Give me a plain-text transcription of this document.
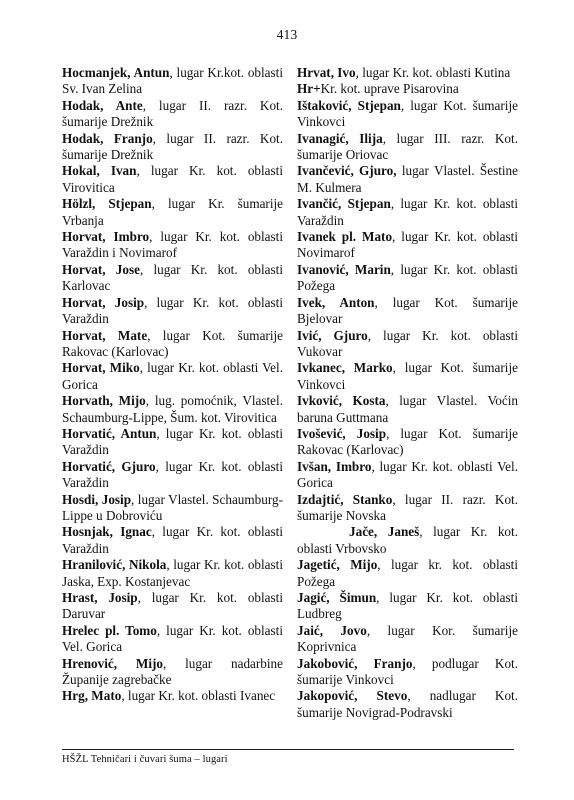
413
Hocmanjek, Antun, lugar Kr.kot. oblasti Sv. Ivan Zelina
Hodak, Ante, lugar II. razr. Kot. šumarije Drežnik
Hodak, Franjo, lugar II. razr. Kot. šumarije Drežnik
Hokal, Ivan, lugar Kr. kot. oblasti Virovitica
Hölzl, Stjepan, lugar Kr. šumarije Vrbanja
Horvat, Imbro, lugar Kr. kot. oblasti Varaždin i Novimarof
Horvat, Jose, lugar Kr. kot. oblasti Karlovac
Horvat, Josip, lugar Kr. kot. oblasti Varaždin
Horvat, Mate, lugar Kot. šumarije Rakovac (Karlovac)
Horvat, Miko, lugar Kr. kot. oblasti Vel. Gorica
Horvath, Mijo, lug. pomoćnik, Vlastel. Schaumburg-Lippe, Šum. kot. Virovitica
Horvatić, Antun, lugar Kr. kot. oblasti Varaždin
Horvatić, Gjuro, lugar Kr. kot. oblasti Varaždin
Hosdi, Josip, lugar Vlastel. Schaumburg-Lippe u Dobroviću
Hosnjak, Ignac, lugar Kr. kot. oblasti Varaždin
Hranilović, Nikola, lugar Kr. kot. oblasti Jaska, Exp. Kostanjevac
Hrast, Josip, lugar Kr. kot. oblasti Daruvar
Hrelec pl. Tomo, lugar Kr. kot. oblasti Vel. Gorica
Hrenović, Mijo, lugar nadarbine Županije zagrebačke
Hrg, Mato, lugar Kr. kot. oblasti Ivanec
Hrvat, Ivo, lugar Kr. kot. oblasti Kutina
Hr+Kr. kot. uprave Pisarovina
Ištaković, Stjepan, lugar Kot. šumarije Vinkovci
Ivanagić, Ilija, lugar III. razr. Kot. šumarije Oriovac
Ivančević, Gjuro, lugar Vlastel. Šestine M. Kulmera
Ivančić, Stjepan, lugar Kr. kot. oblasti Varaždin
Ivanek pl. Mato, lugar Kr. kot. oblasti Novimarof
Ivanović, Marin, lugar Kr. kot. oblasti Požega
Ivek, Anton, lugar Kot. šumarije Bjelovar
Ivić, Gjuro, lugar Kr. kot. oblasti Vukovar
Ivkanec, Marko, lugar Kot. šumarije Vinkovci
Ivković, Kosta, lugar Vlastel. Voćin baruna Guttmana
Ivošević, Josip, lugar Kot. šumarije Rakovac (Karlovac)
Ivšan, Imbro, lugar Kr. kot. oblasti Vel. Gorica
Izdajtić, Stanko, lugar II. razr. Kot. šumarije Novska
Jače, Janeš, lugar Kr. kot. oblasti Vrbovsko
Jagetić, Mijo, lugar kr. kot. oblasti Požega
Jagić, Šimun, lugar Kr. kot. oblasti Ludbreg
Jaić, Jovo, lugar Kor. šumarije Koprivnica
Jakobović, Franjo, podlugar Kot. šumarije Vinkovci
Jakopović, Stevo, nadlugar Kot. šumarije Novigrad-Podravski
HŠŽL Tehničari i čuvari šuma – lugari
